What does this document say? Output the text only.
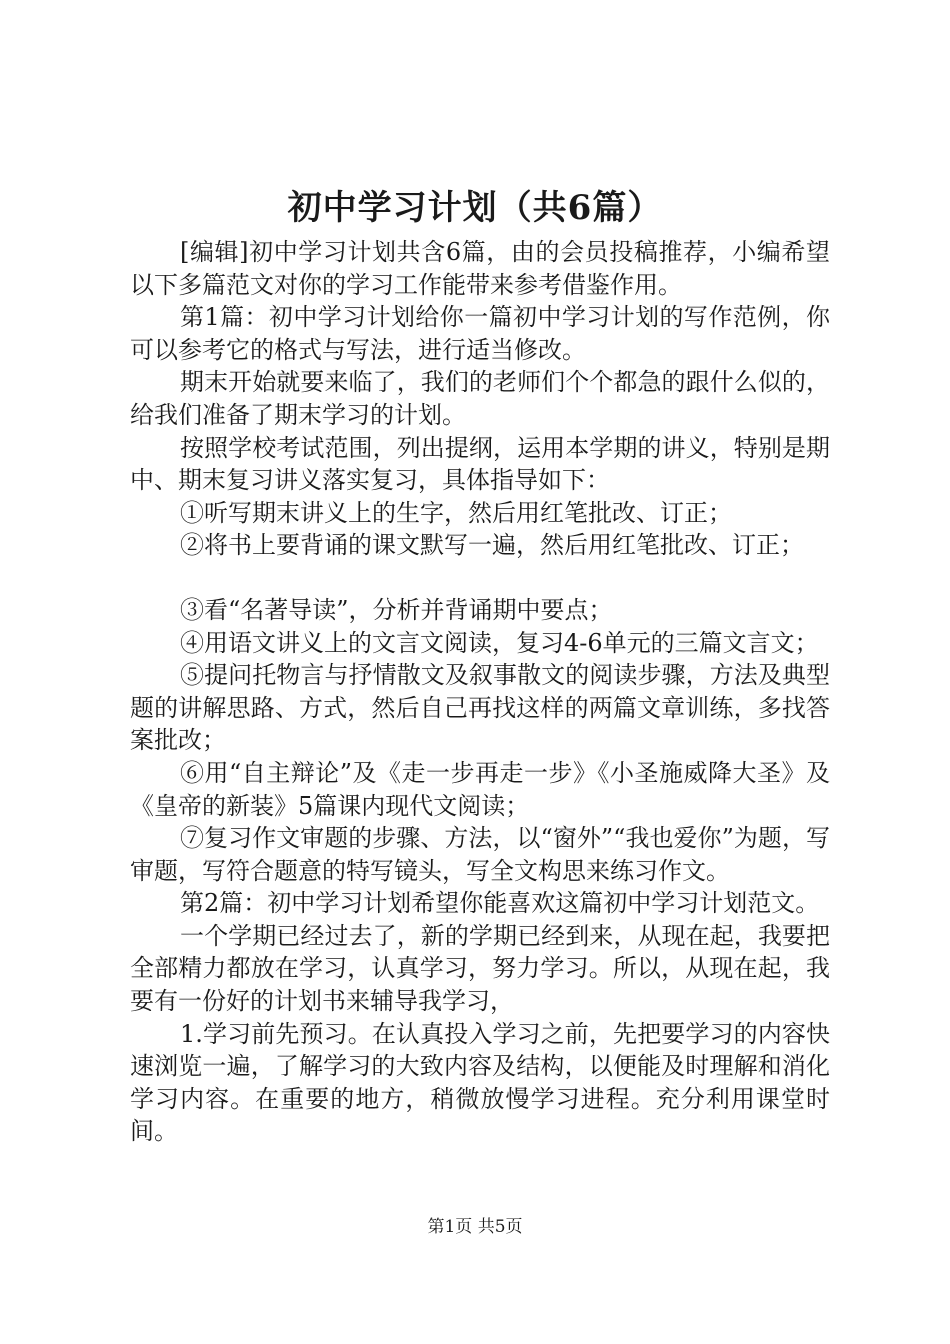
初中学习计划（共6篇）

[编辑]初中学习计划共含6篇，由的会员投稿推荐，小编希望以下多篇范文对你的学习工作能带来参考借鉴作用。

第1篇：初中学习计划给你一篇初中学习计划的写作范例，你可以参考它的格式与写法，进行适当修改。

期末开始就要来临了，我们的老师们个个都急的跟什么似的，给我们准备了期末学习的计划。

按照学校考试范围，列出提纲，运用本学期的讲义，特别是期中、期末复习讲义落实复习，具体指导如下：

①听写期末讲义上的生字，然后用红笔批改、订正；

②将书上要背诵的课文默写一遍，然后用红笔批改、订正；

③看“名著导读”，分析并背诵期中要点；

④用语文讲义上的文言文阅读，复习4-6单元的三篇文言文；

⑤提问托物言与抒情散文及叙事散文的阅读步骤，方法及典型题的讲解思路、方式，然后自己再找这样的两篇文章训练，多找答案批改；

⑥用“自主辩论”及《走一步再走一步》《小圣施威降大圣》及《皇帝的新装》5篇课内现代文阅读；

⑦复习作文审题的步骤、方法，以“窗外”“我也爱你”为题，写审题，写符合题意的特写镜头，写全文构思来练习作文。

第2篇：初中学习计划希望你能喜欢这篇初中学习计划范文。

一个学期已经过去了，新的学期已经到来，从现在起，我要把全部精力都放在学习，认真学习，努力学习。所以，从现在起，我要有一份好的计划书来辅导我学习，

1.学习前先预习。在认真投入学习之前，先把要学习的内容快速浏览一遍，了解学习的大致内容及结构，以便能及时理解和消化学习内容。在重要的地方，稍微放慢学习进程。充分利用课堂时间。

第1页 共5页
